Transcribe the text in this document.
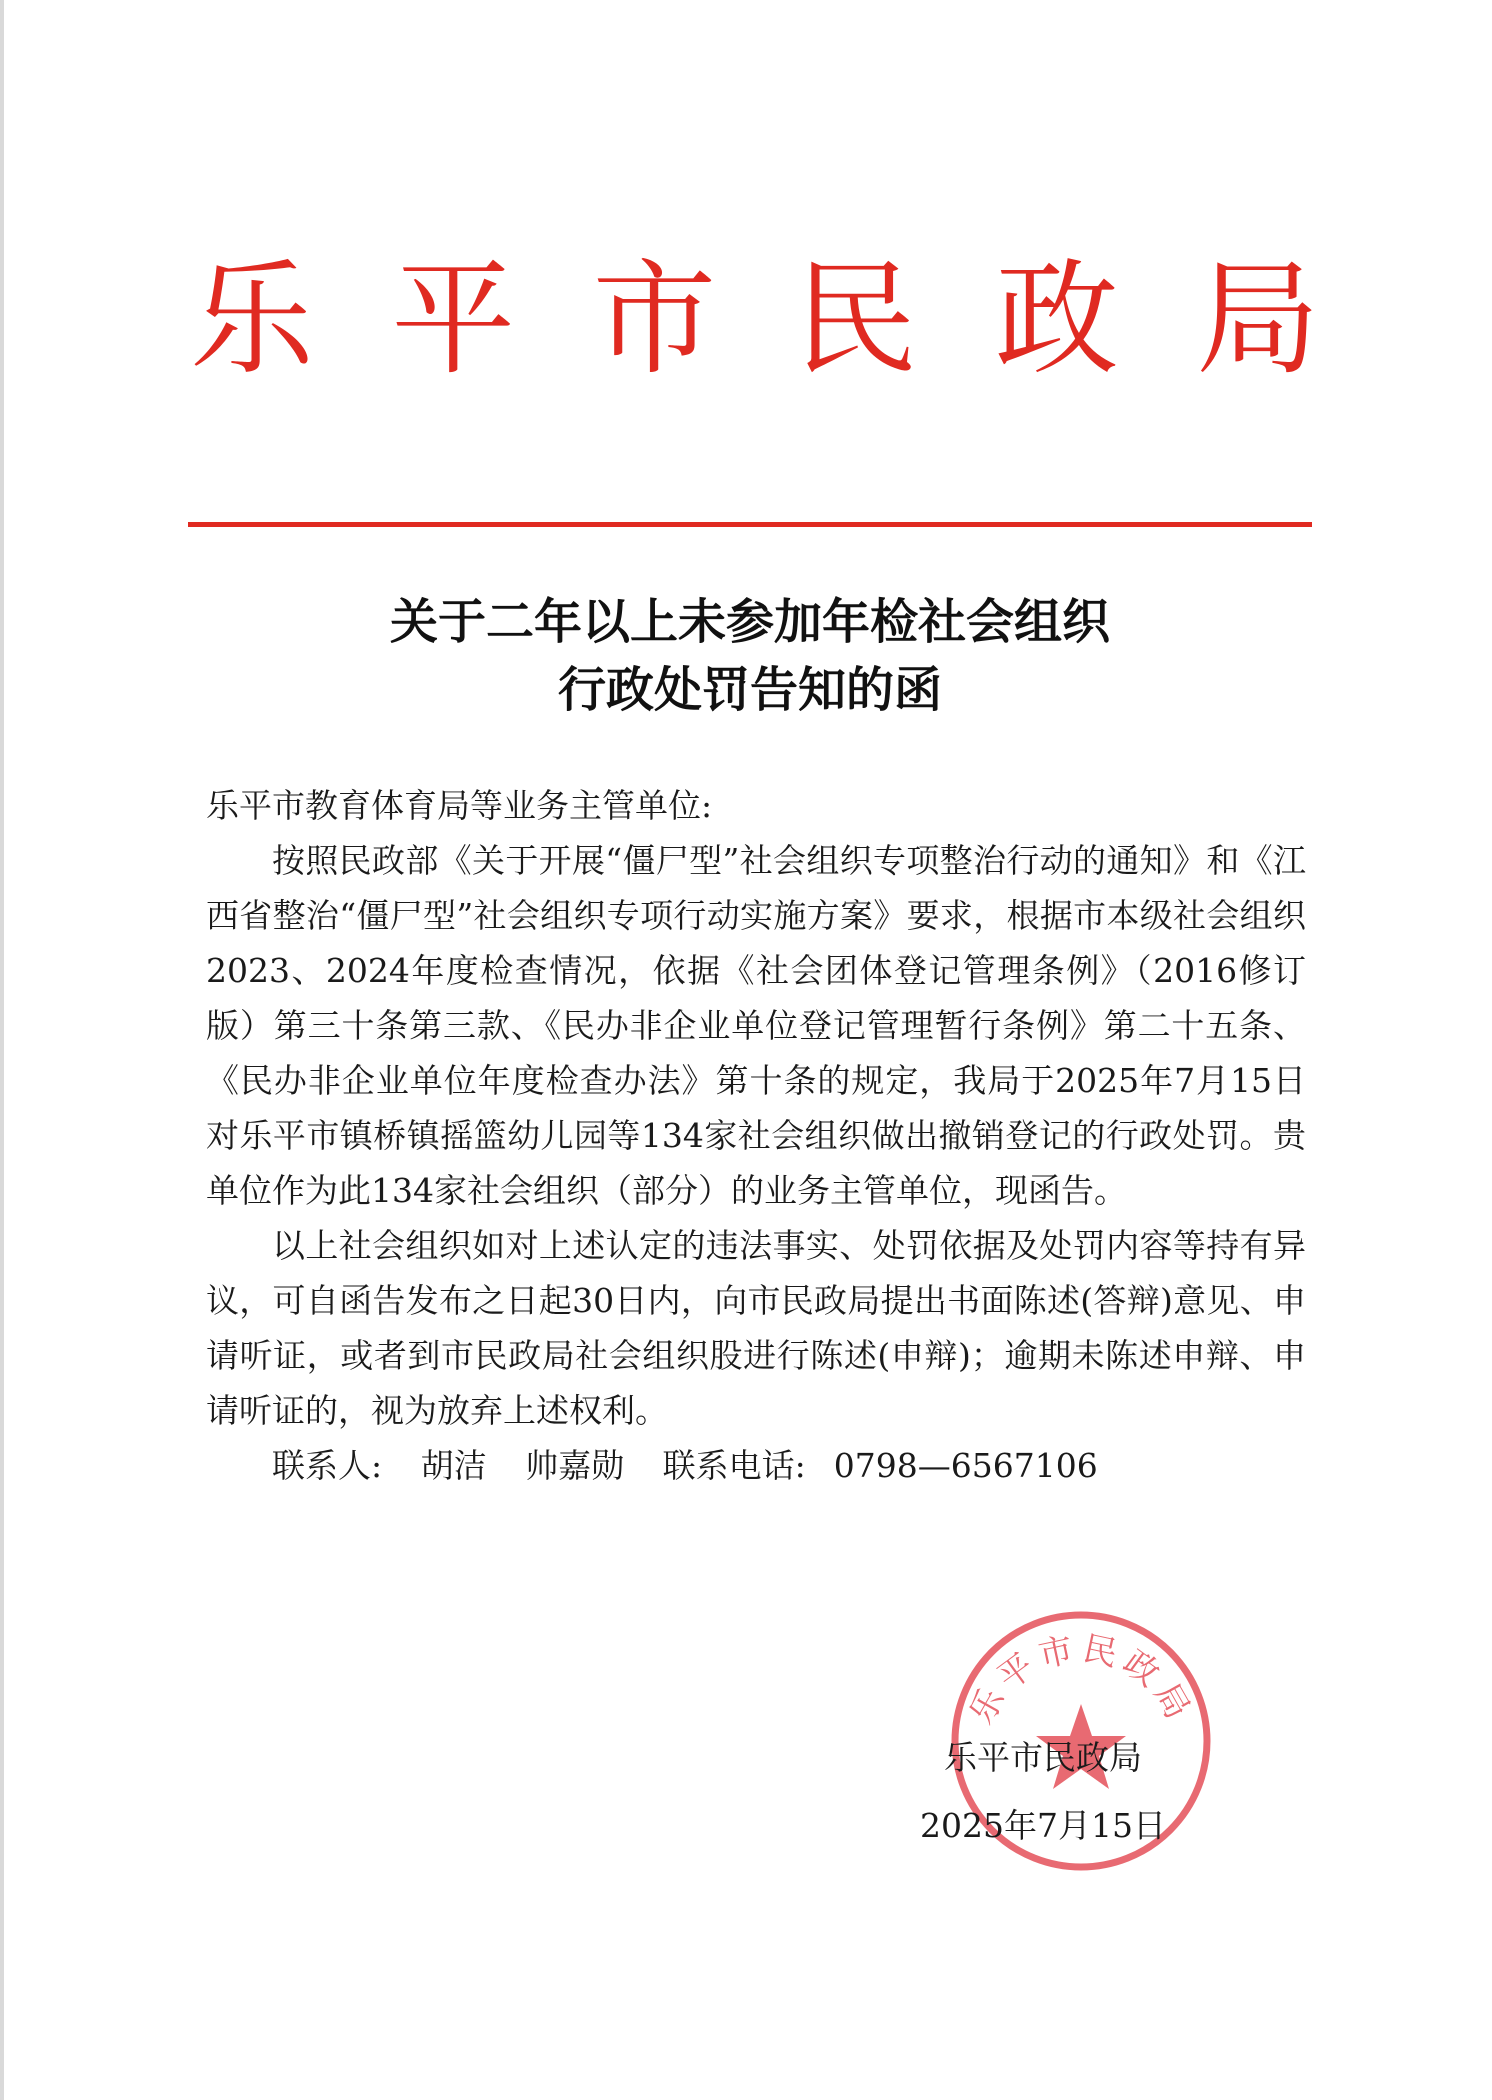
乐 平 市 民 政 局
关于二年以上未参加年检社会组织
行政处罚告知的函

乐平市教育体育局等业务主管单位:

按照民政部《关于开展“僵尸型”社会组织专项整治行动的通知》和《江西省整治“僵尸型”社会组织专项行动实施方案》要求，根据市本级社会组织2023、2024年度检查情况，依据《社会团体登记管理条例》（2016修订版）第三十条第三款、《民办非企业单位登记管理暂行条例》第二十五条、《民办非企业单位年度检查办法》第十条的规定，我局于2025年7月15日对乐平市镇桥镇摇篮幼儿园等134家社会组织做出撤销登记的行政处罚。贵单位作为此134家社会组织（部分）的业务主管单位，现函告。

以上社会组织如对上述认定的违法事实、处罚依据及处罚内容等持有异议，可自函告发布之日起30日内，向市民政局提出书面陈述(答辩)意见、申请听证，或者到市民政局社会组织股进行陈述(申辩)；逾期未陈述申辩、申请听证的，视为放弃上述权利。

联系人: 胡洁 帅嘉勋 联系电话: 0798—6567106

乐平市民政局
乐平市民政局
2025年7月15日
